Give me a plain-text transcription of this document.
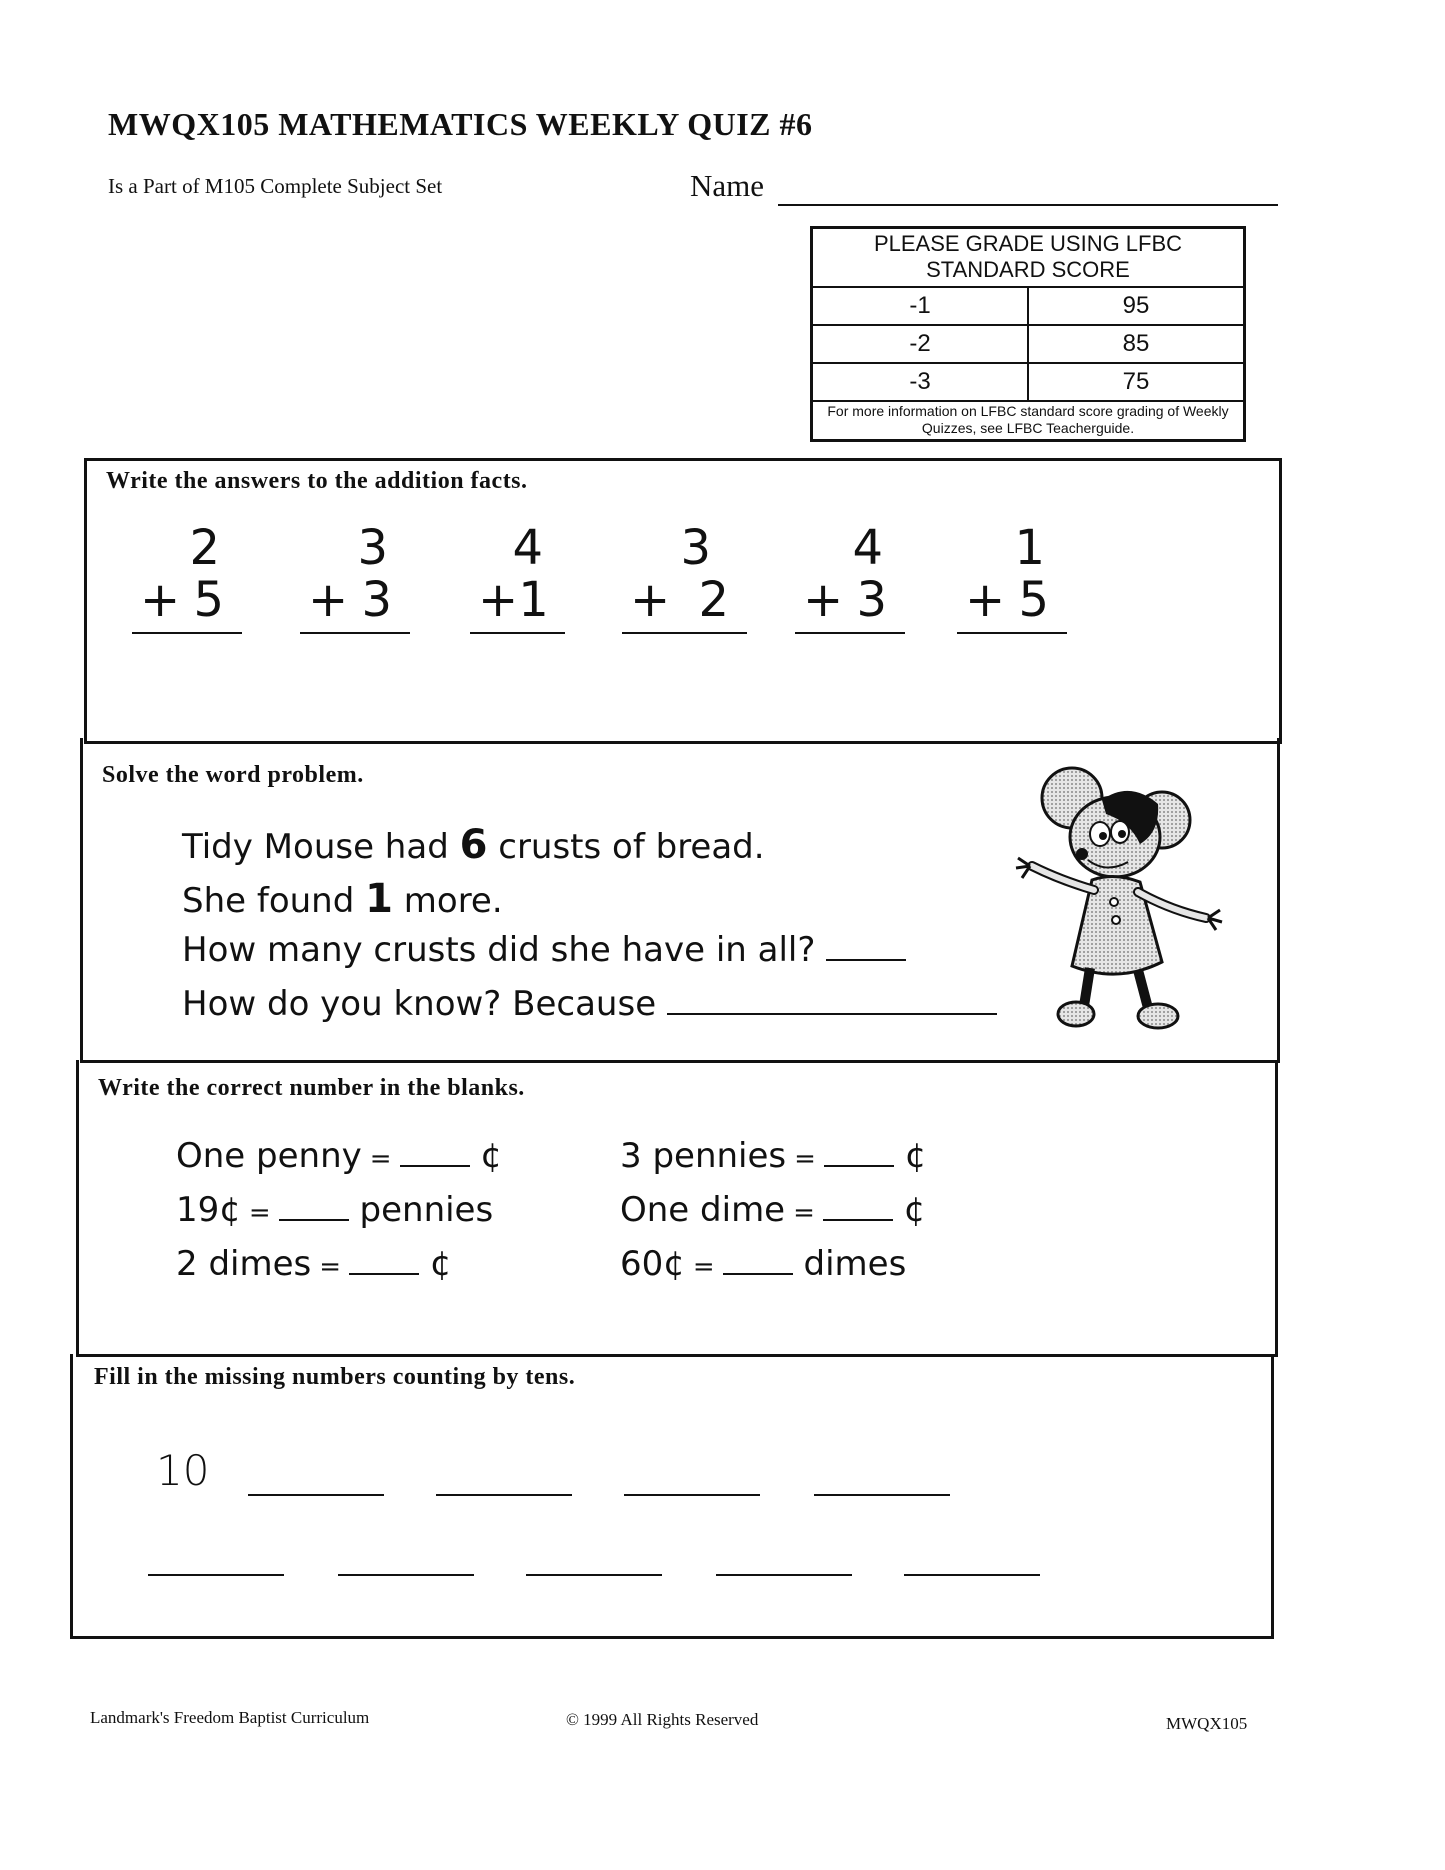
MWQX105 MATHEMATICS WEEKLY QUIZ #6
Is a Part of M105 Complete Subject Set	Name
PLEASE GRADE USING LFBC STANDARD SCORE
-1	95
-2	85
-3	75
For more information on LFBC standard score grading of Weekly Quizzes, see LFBC Teacherguide.
Write the answers to the addition facts.
2
+ 5
3
+ 3
4
+ 1
3
+ 2
4
+ 3
1
+ 5
Solve the word problem.
Tidy Mouse had 6 crusts of bread.
She found 1 more.
How many crusts did she have in all?
How do you know? Because
Write the correct number in the blanks.
One penny =	¢
19¢ =	pennies
2 dimes =	¢
3 pennies =	¢
One dime =	¢
60¢ =	dimes
Fill in the missing numbers counting by tens.
10
Landmark's Freedom Baptist Curriculum	© 1999 All Rights Reserved	MWQX105
